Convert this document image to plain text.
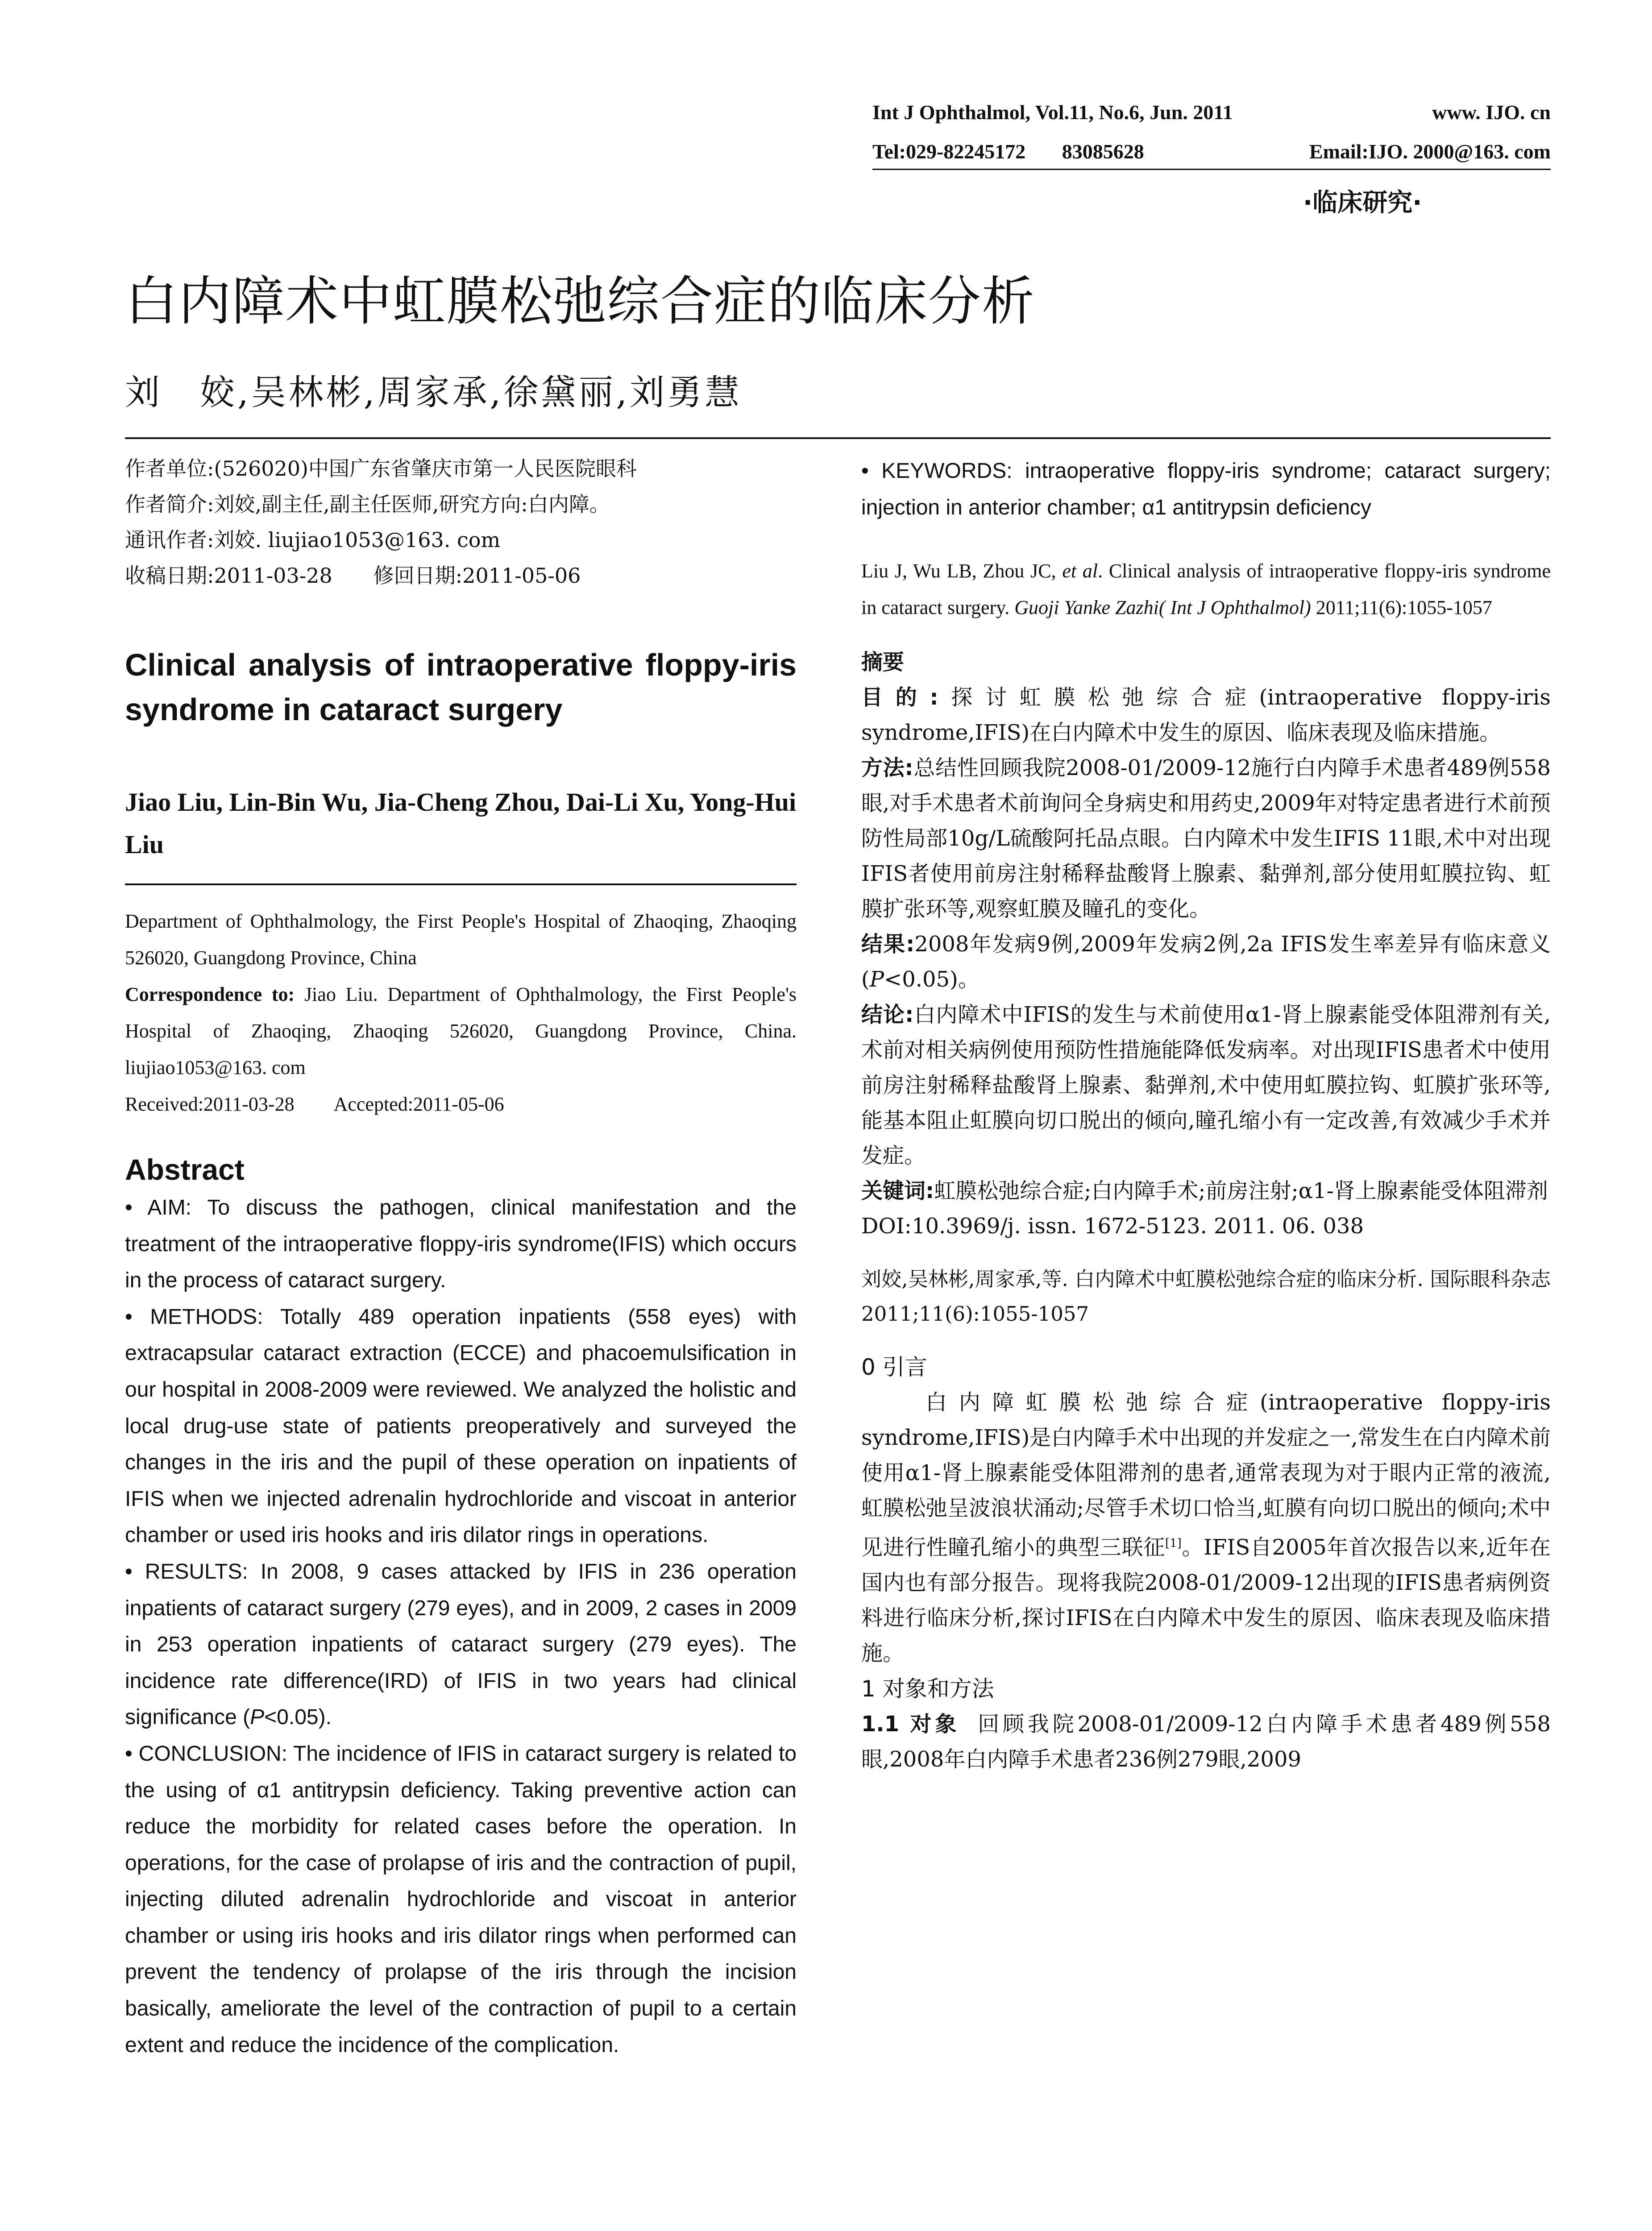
Int J Ophthalmol, Vol.11, No.6, Jun. 2011	www. IJO. cn
Tel:029-82245172 83085628	Email:IJO. 2000@163. com
·临床研究·
白内障术中虹膜松弛综合症的临床分析
刘　姣,吴林彬,周家承,徐黛丽,刘勇慧
作者单位:(526020)中国广东省肇庆市第一人民医院眼科
作者简介:刘姣,副主任,副主任医师,研究方向:白内障。
通讯作者:刘姣. liujiao1053@163. com
收稿日期:2011-03-28　　修回日期:2011-05-06
Clinical analysis of intraoperative floppy-iris syndrome in cataract surgery
Jiao Liu, Lin-Bin Wu, Jia-Cheng Zhou, Dai-Li Xu, Yong-Hui Liu
Department of Ophthalmology, the First People's Hospital of Zhaoqing, Zhaoqing 526020, Guangdong Province, China
Correspondence to: Jiao Liu. Department of Ophthalmology, the First People's Hospital of Zhaoqing, Zhaoqing 526020, Guangdong Province, China. liujiao1053@163. com
Received:2011-03-28　　Accepted:2011-05-06
Abstract

• AIM: To discuss the pathogen, clinical manifestation and the treatment of the intraoperative floppy-iris syndrome(IFIS) which occurs in the process of cataract surgery.

• METHODS: Totally 489 operation inpatients (558 eyes) with extracapsular cataract extraction (ECCE) and phacoemulsification in our hospital in 2008-2009 were reviewed. We analyzed the holistic and local drug-use state of patients preoperatively and surveyed the changes in the iris and the pupil of these operation on inpatients of IFIS when we injected adrenalin hydrochloride and viscoat in anterior chamber or used iris hooks and iris dilator rings in operations.

• RESULTS: In 2008, 9 cases attacked by IFIS in 236 operation inpatients of cataract surgery (279 eyes), and in 2009, 2 cases in 2009 in 253 operation inpatients of cataract surgery (279 eyes). The incidence rate difference(IRD) of IFIS in two years had clinical significance (P<0.05).

• CONCLUSION: The incidence of IFIS in cataract surgery is related to the using of α1 antitrypsin deficiency. Taking preventive action can reduce the morbidity for related cases before the operation. In operations, for the case of prolapse of iris and the contraction of pupil, injecting diluted adrenalin hydrochloride and viscoat in anterior chamber or using iris hooks and iris dilator rings when performed can prevent the tendency of prolapse of the iris through the incision basically, ameliorate the level of the contraction of pupil to a certain extent and reduce the incidence of the complication.

• KEYWORDS: intraoperative floppy-iris syndrome; cataract surgery; injection in anterior chamber; α1 antitrypsin deficiency

Liu J, Wu LB, Zhou JC, et al. Clinical analysis of intraoperative floppy-iris syndrome in cataract surgery. Guoji Yanke Zazhi( Int J Ophthalmol) 2011;11(6):1055-1057

摘要

目的:探讨虹膜松弛综合症(intraoperative floppy-iris syndrome,IFIS)在白内障术中发生的原因、临床表现及临床措施。

方法:总结性回顾我院2008-01/2009-12施行白内障手术患者489例558眼,对手术患者术前询问全身病史和用药史,2009年对特定患者进行术前预防性局部10g/L硫酸阿托品点眼。白内障术中发生IFIS 11眼,术中对出现IFIS者使用前房注射稀释盐酸肾上腺素、黏弹剂,部分使用虹膜拉钩、虹膜扩张环等,观察虹膜及瞳孔的变化。

结果:2008年发病9例,2009年发病2例,2a IFIS发生率差异有临床意义(P<0.05)。

结论:白内障术中IFIS的发生与术前使用α1-肾上腺素能受体阻滞剂有关,术前对相关病例使用预防性措施能降低发病率。对出现IFIS患者术中使用前房注射稀释盐酸肾上腺素、黏弹剂,术中使用虹膜拉钩、虹膜扩张环等,能基本阻止虹膜向切口脱出的倾向,瞳孔缩小有一定改善,有效减少手术并发症。

关键词:虹膜松弛综合症;白内障手术;前房注射;α1-肾上腺素能受体阻滞剂

DOI:10.3969/j. issn. 1672-5123. 2011. 06. 038

刘姣,吴林彬,周家承,等. 白内障术中虹膜松弛综合症的临床分析. 国际眼科杂志 2011;11(6):1055-1057

0 引言

白内障虹膜松弛综合症(intraoperative floppy-iris syndrome,IFIS)是白内障手术中出现的并发症之一,常发生在白内障术前使用α1-肾上腺素能受体阻滞剂的患者,通常表现为对于眼内正常的液流,虹膜松弛呈波浪状涌动;尽管手术切口恰当,虹膜有向切口脱出的倾向;术中见进行性瞳孔缩小的典型三联征[1]。IFIS自2005年首次报告以来,近年在国内也有部分报告。现将我院2008-01/2009-12出现的IFIS患者病例资料进行临床分析,探讨IFIS在白内障术中发生的原因、临床表现及临床措施。

1 对象和方法

1.1 对象 回顾我院2008-01/2009-12白内障手术患者489例558眼,2008年白内障手术患者236例279眼,2009
